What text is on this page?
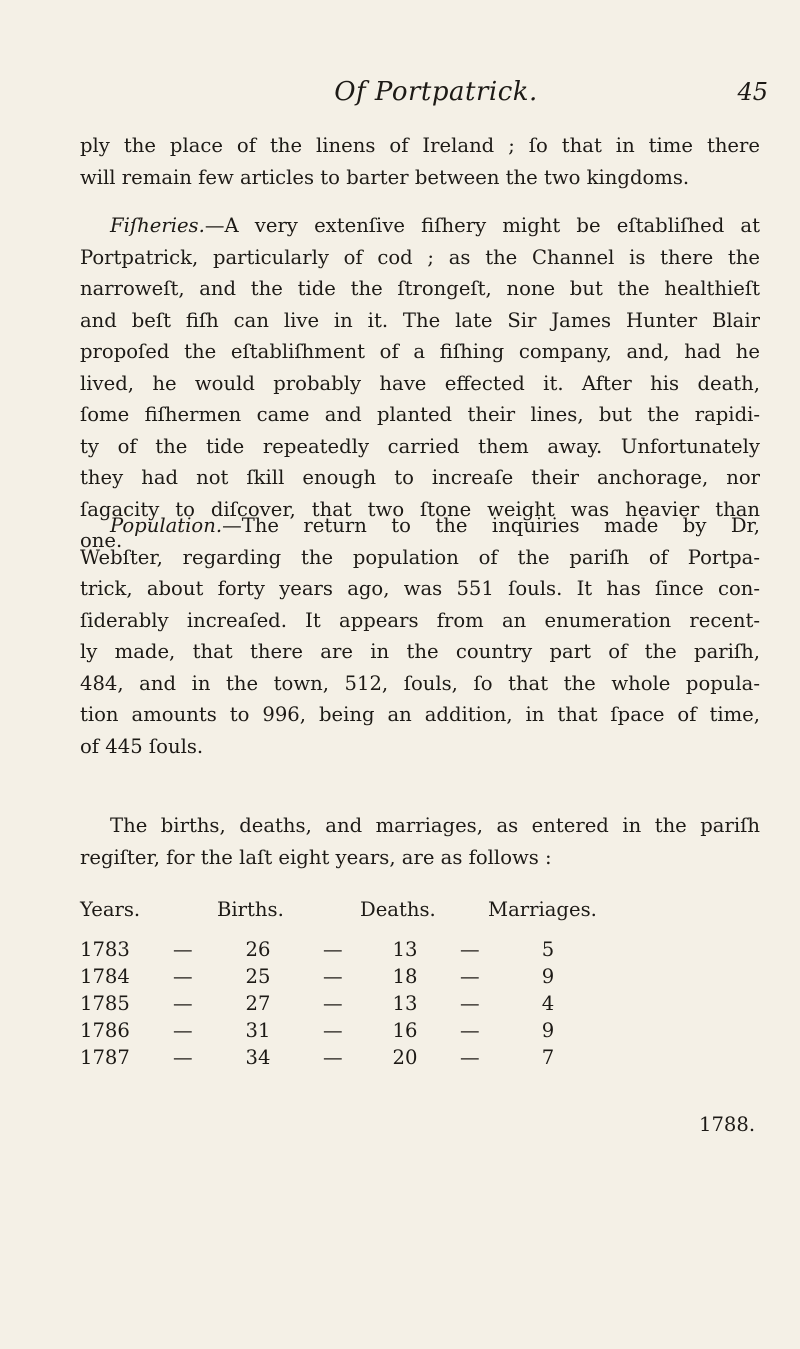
Of Portpatrick.	45
ply the place of the linens of Ireland ; ſo that in time there
will remain few articles to barter between the two kingdoms.
Fiſheries.—A very extenſive fiſhery might be eſtabliſhed at
Portpatrick, particularly of cod ; as the Channel is there the
narroweſt, and the tide the ſtrongeſt, none but the healthieſt
and beſt fiſh can live in it. The late Sir James Hunter Blair
propoſed the eſtabliſhment of a fiſhing company, and, had he
lived, he would probably have effected it. After his death,
ſome fiſhermen came and planted their lines, but the rapidi-
ty of the tide repeatedly carried them away. Unfortunately
they had not ſkill enough to increaſe their anchorage, nor
ſagacity to diſcover, that two ſtone weight was heavier than
one.
Population.—The return to the inquiries made by Dr,
Webſter, regarding the population of the pariſh of Portpa-
trick, about forty years ago, was 551 ſouls. It has ſince con-
ſiderably increaſed. It appears from an enumeration recent-
ly made, that there are in the country part of the pariſh,
484, and in the town, 512, ſouls, ſo that the whole popula-
tion amounts to 996, being an addition, in that ſpace of time,
of 445 ſouls.
The births, deaths, and marriages, as entered in the pariſh
regiſter, for the laſt eight years, are as follows :
Years.	Births.	Deaths.	Marriages.
1783 —	26	—	13	—	5
1784 —	25	—	18	—	9
1785 —	27	—	13	—	4
1786 —	31	—	16	—	9
1787 —	34	—	20	—	7
1788.
